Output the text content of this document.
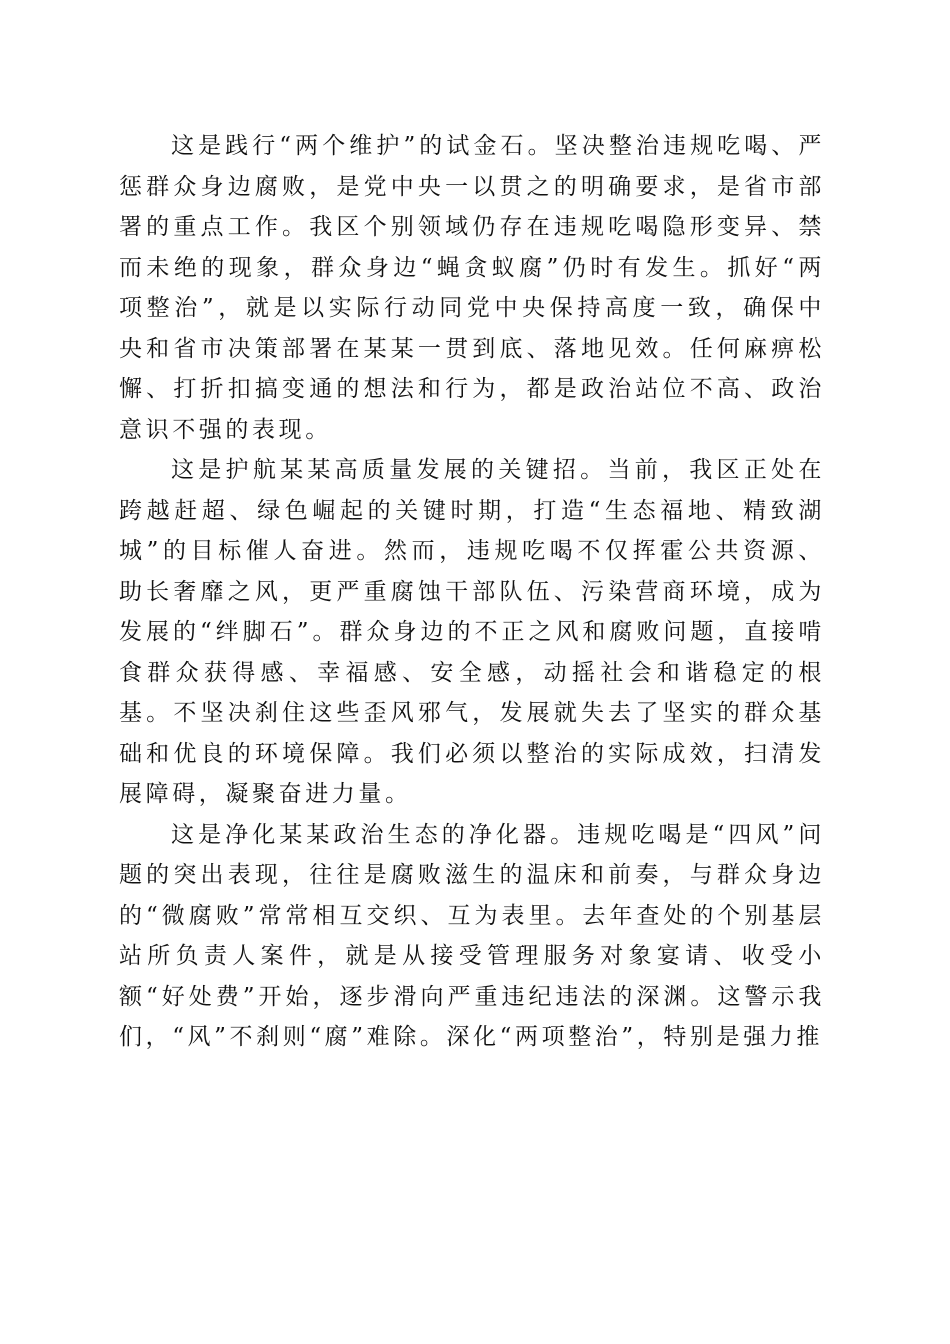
这是践行“两个维护”的试金石。坚决整治违规吃喝、严惩群众身边腐败，是党中央一以贯之的明确要求，是省市部署的重点工作。我区个别领域仍存在违规吃喝隐形变异、禁而未绝的现象，群众身边“蝇贪蚁腐”仍时有发生。抓好“两项整治”，就是以实际行动同党中央保持高度一致，确保中央和省市决策部署在某某一贯到底、落地见效。任何麻痹松懈、打折扣搞变通的想法和行为，都是政治站位不高、政治意识不强的表现。

这是护航某某高质量发展的关键招。当前，我区正处在跨越赶超、绿色崛起的关键时期，打造“生态福地、精致湖城”的目标催人奋进。然而，违规吃喝不仅挥霍公共资源、助长奢靡之风，更严重腐蚀干部队伍、污染营商环境，成为发展的“绊脚石”。群众身边的不正之风和腐败问题，直接啃食群众获得感、幸福感、安全感，动摇社会和谐稳定的根基。不坚决刹住这些歪风邪气，发展就失去了坚实的群众基础和优良的环境保障。我们必须以整治的实际成效，扫清发展障碍，凝聚奋进力量。

这是净化某某政治生态的净化器。违规吃喝是“四风”问题的突出表现，往往是腐败滋生的温床和前奏，与群众身边的“微腐败”常常相互交织、互为表里。去年查处的个别基层站所负责人案件，就是从接受管理服务对象宴请、收受小额“好处费”开始，逐步滑向严重违纪违法的深渊。这警示我们，“风”不刹则“腐”难除。深化“两项整治”，特别是强力推
